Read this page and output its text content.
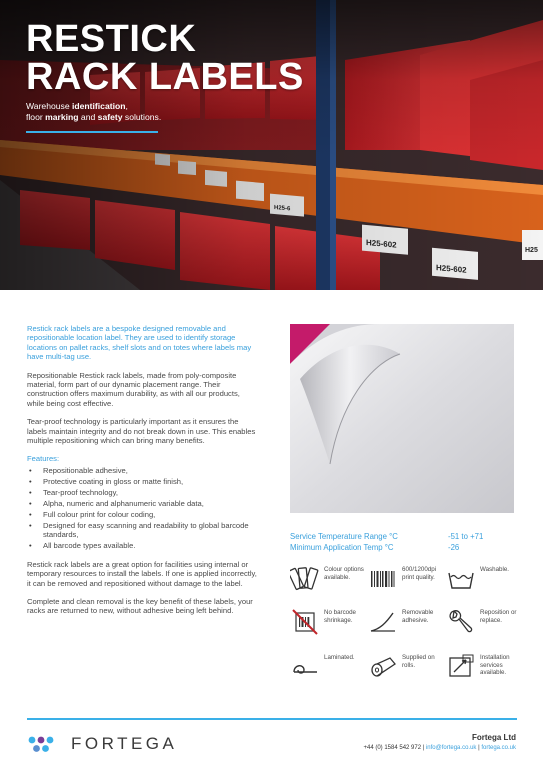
RESTICK
RACK LABELS
Warehouse identification,
floor marking and safety solutions.

Restick rack labels are a bespoke designed removable and repositionable location label. They are used to identify storage locations on pallet racks, shelf slots and on totes where labels may have multi-tag use.

Repositionable Restick rack labels, made from poly-composite material, form part of our dynamic placement range. Their construction offers maximum durability, as with all our products, while being cost effective.

Tear-proof technology is particularly important as it ensures the labels maintain integrity and do not break down in use. This enables multiple repositioning which can bring many benefits.

Features:
• Repositionable adhesive,
• Protective coating in gloss or matte finish,
• Tear-proof technology,
• Alpha, numeric and alphanumeric variable data,
• Full colour print for colour coding,
• Designed for easy scanning and readability to global barcode standards,
• All barcode types available.

Restick rack labels are a great option for facilities using internal or temporary resources to install the labels. If one is applied incorrectly, it can be removed and repositioned without damage to the label.

Complete and clean removal is the key benefit of these labels, your racks are returned to new, without adhesive being left behind.

Service Temperature Range °C	-51 to +71
Minimum Application Temp °C	-26
Colour options available.
600/1200dpi print quality.
Washable.
No barcode shrinkage.
Removable adhesive.
Reposition or replace.
Laminated.	Supplied on rolls.
Installation services available.
FORTEGA	Fortega Ltd
+44 (0) 1584 542 972 | info@fortega.co.uk | fortega.co.uk
